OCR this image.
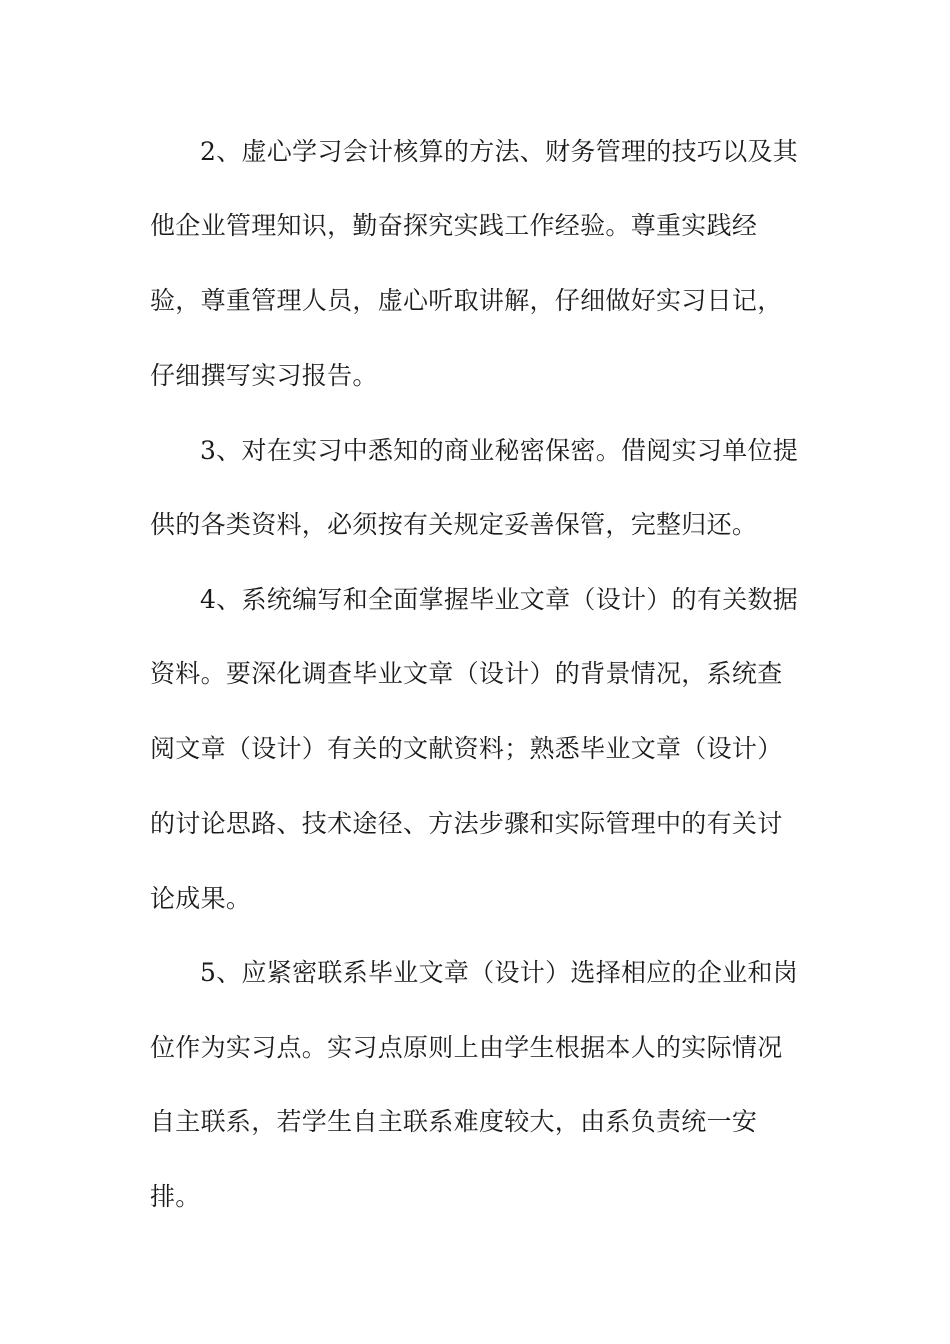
2、虚心学习会计核算的方法、财务管理的技巧以及其
他企业管理知识，勤奋探究实践工作经验。尊重实践经
验，尊重管理人员，虚心听取讲解，仔细做好实习日记，
仔细撰写实习报告。
3、对在实习中悉知的商业秘密保密。借阅实习单位提
供的各类资料，必须按有关规定妥善保管，完整归还。
4、系统编写和全面掌握毕业文章（设计）的有关数据
资料。要深化调查毕业文章（设计）的背景情况，系统查
阅文章（设计）有关的文献资料；熟悉毕业文章（设计）
的讨论思路、技术途径、方法步骤和实际管理中的有关讨
论成果。
5、应紧密联系毕业文章（设计）选择相应的企业和岗
位作为实习点。实习点原则上由学生根据本人的实际情况
自主联系，若学生自主联系难度较大，由系负责统一安
排。
